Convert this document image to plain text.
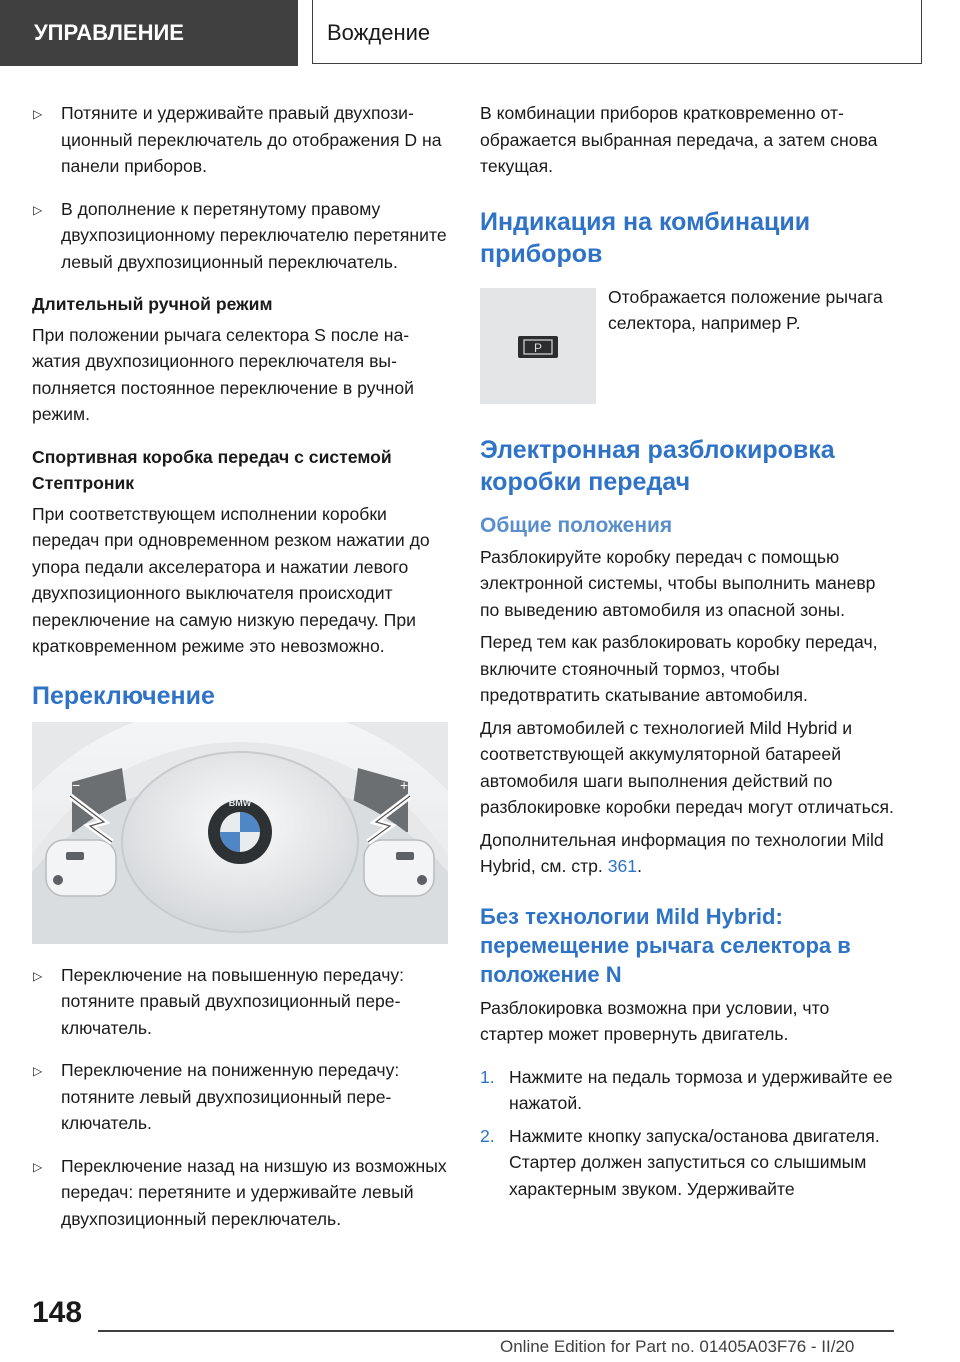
УПРАВЛЕНИЕ	Вождение
▷ Потяните и удерживайте правый двухпозиционный переключатель до отображения D на панели приборов.
▷ В дополнение к перетянутому правому двухпозиционному переключателю перетяните левый двухпозиционный переключатель.
Длительный ручной режим

При положении рычага селектора S после нажатия двухпозиционного переключателя выполняется постоянное переключение в ручной режим.

Спортивная коробка передач с системой Стептроник

При соответствующем исполнении коробки передач при одновременном резком нажатии до упора педали акселератора и нажатии левого двухпозиционного выключателя происходит переключение на самую низкую передачу. При кратковременном режиме это невозможно.

Переключение
−	+
BMW
▷ Переключение на повышенную передачу: потяните правый двухпозиционный переключатель.
▷ Переключение на пониженную передачу: потяните левый двухпозиционный переключатель.
▷ Переключение назад на низшую из возможных передач: перетяните и удерживайте левый двухпозиционный переключатель.

В комбинации приборов кратковременно отображается выбранная передача, а затем снова текущая.

Индикация на комбинации приборов
P

Отображается положение рычага селектора, например P.

Электронная разблокировка коробки передач
Общие положения

Разблокируйте коробку передач с помощью электронной системы, чтобы выполнить маневр по выведению автомобиля из опасной зоны.

Перед тем как разблокировать коробку передач, включите стояночный тормоз, чтобы предотвратить скатывание автомобиля.

Для автомобилей с технологией Mild Hybrid и соответствующей аккумуляторной батареей автомобиля шаги выполнения действий по разблокировке коробки передач могут отличаться.

Дополнительная информация по технологии Mild Hybrid, см. стр. 361.

Без технологии Mild Hybrid: перемещение рычага селектора в положение N

Разблокировка возможна при условии, что стартер может провернуть двигатель.

1. Нажмите на педаль тормоза и удерживайте ее нажатой.
2. Нажмите кнопку запуска/останова двигателя. Стартер должен запуститься со слышимым характерным звуком. Удерживайте
148
Online Edition for Part no. 01405A03F76 - II/20
